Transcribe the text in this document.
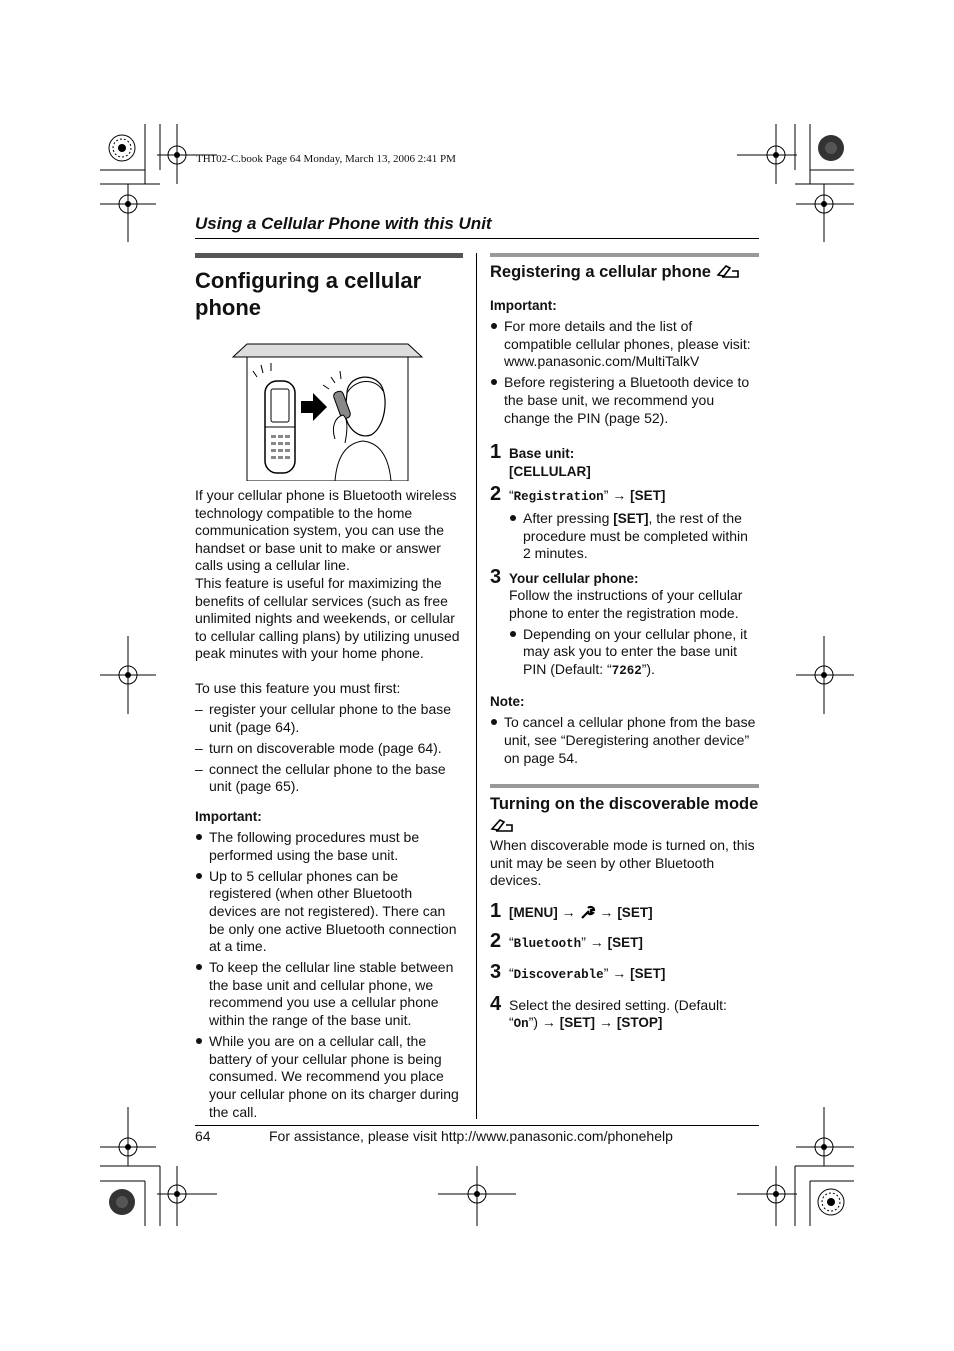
TH102-C.book Page 64 Monday, March 13, 2006 2:41 PM
Using a Cellular Phone with this Unit
Configuring a cellular phone

If your cellular phone is Bluetooth wireless technology compatible to the home communication system, you can use the handset or base unit to make or answer calls using a cellular line.

This feature is useful for maximizing the benefits of cellular services (such as free unlimited nights and weekends, or cellular to cellular calling plans) by utilizing unused peak minutes with your home phone.

To use this feature you must first:

– register your cellular phone to the base unit (page 64).
– turn on discoverable mode (page 64).
– connect the cellular phone to the base unit (page 65).
Important:
The following procedures must be performed using the base unit.
Up to 5 cellular phones can be registered (when other Bluetooth devices are not registered). There can be only one active Bluetooth connection at a time.
To keep the cellular line stable between the base unit and cellular phone, we recommend you use a cellular phone within the range of the base unit.
While you are on a cellular call, the battery of your cellular phone is being consumed. We recommend you place your cellular phone on its charger during the call.
Registering a cellular phone
Important:
For more details and the list of compatible cellular phones, please visit: www.panasonic.com/MultiTalkV
Before registering a Bluetooth device to the base unit, we recommend you change the PIN (page 52).
1 Base unit:
[CELLULAR]
2 “Registration” → [SET]
After pressing [SET], the rest of the procedure must be completed within 2 minutes.
3 Your cellular phone:
Follow the instructions of your cellular phone to enter the registration mode.
Depending on your cellular phone, it may ask you to enter the base unit PIN (Default: “7262”).
Note:
To cancel a cellular phone from the base unit, see “Deregistering another device” on page 54.
Turning on the discoverable mode

When discoverable mode is turned on, this unit may be seen by other Bluetooth devices.

1 [MENU] → → [SET]
2 “Bluetooth” → [SET]
3 “Discoverable” → [SET]
4 Select the desired setting. (Default: “On”) → [SET] → [STOP]
64	For assistance, please visit http://www.panasonic.com/phonehelp
